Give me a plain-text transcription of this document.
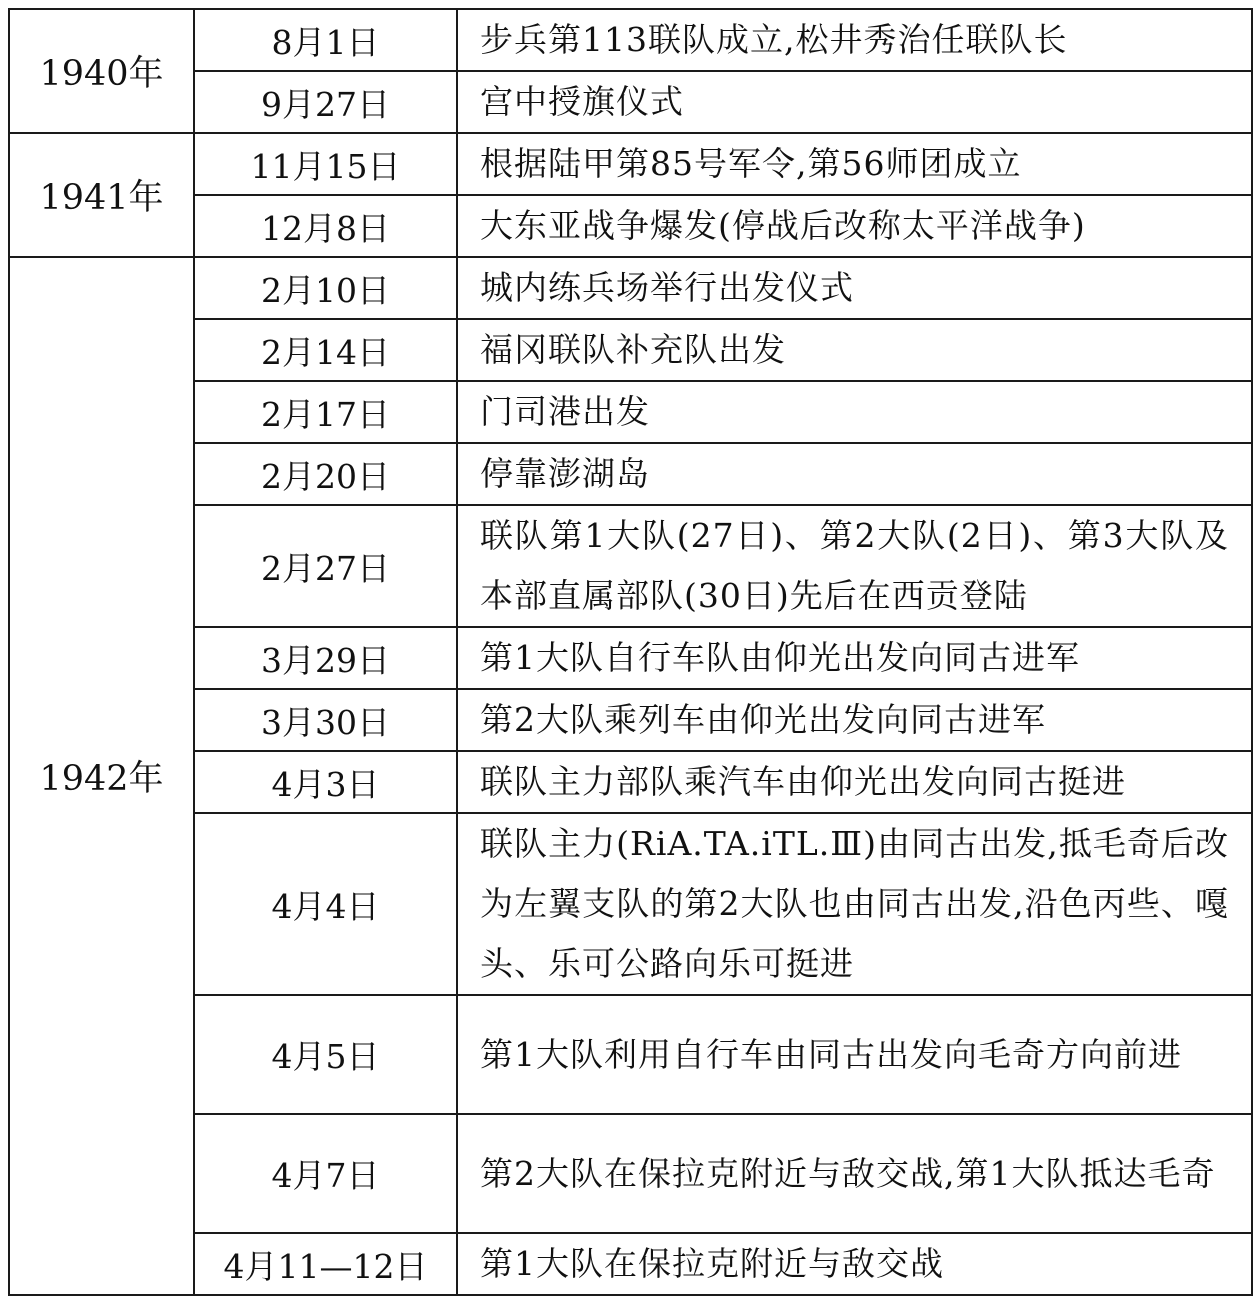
1940年	8月1日	步兵第113联队成立,松井秀治任联队长
	9月27日	宫中授旗仪式
1941年	11月15日	根据陆甲第85号军令,第56师团成立
	12月8日	大东亚战争爆发(停战后改称太平洋战争)
1942年	2月10日	城内练兵场举行出发仪式
	2月14日	福冈联队补充队出发
	2月17日	门司港出发
	2月20日	停靠澎湖岛
	2月27日	联队第1大队(27日)、第2大队(2日)、第3大队及本部直属部队(30日)先后在西贡登陆
	3月29日	第1大队自行车队由仰光出发向同古进军
	3月30日	第2大队乘列车由仰光出发向同古进军
	4月3日	联队主力部队乘汽车由仰光出发向同古挺进
	4月4日	联队主力(RiA.TA.iTL.Ⅲ)由同古出发,抵毛奇后改为左翼支队的第2大队也由同古出发,沿色丙些、嘎头、乐可公路向乐可挺进
	4月5日	第1大队利用自行车由同古出发向毛奇方向前进
	4月7日	第2大队在保拉克附近与敌交战,第1大队抵达毛奇
	4月11—12日	第1大队在保拉克附近与敌交战
